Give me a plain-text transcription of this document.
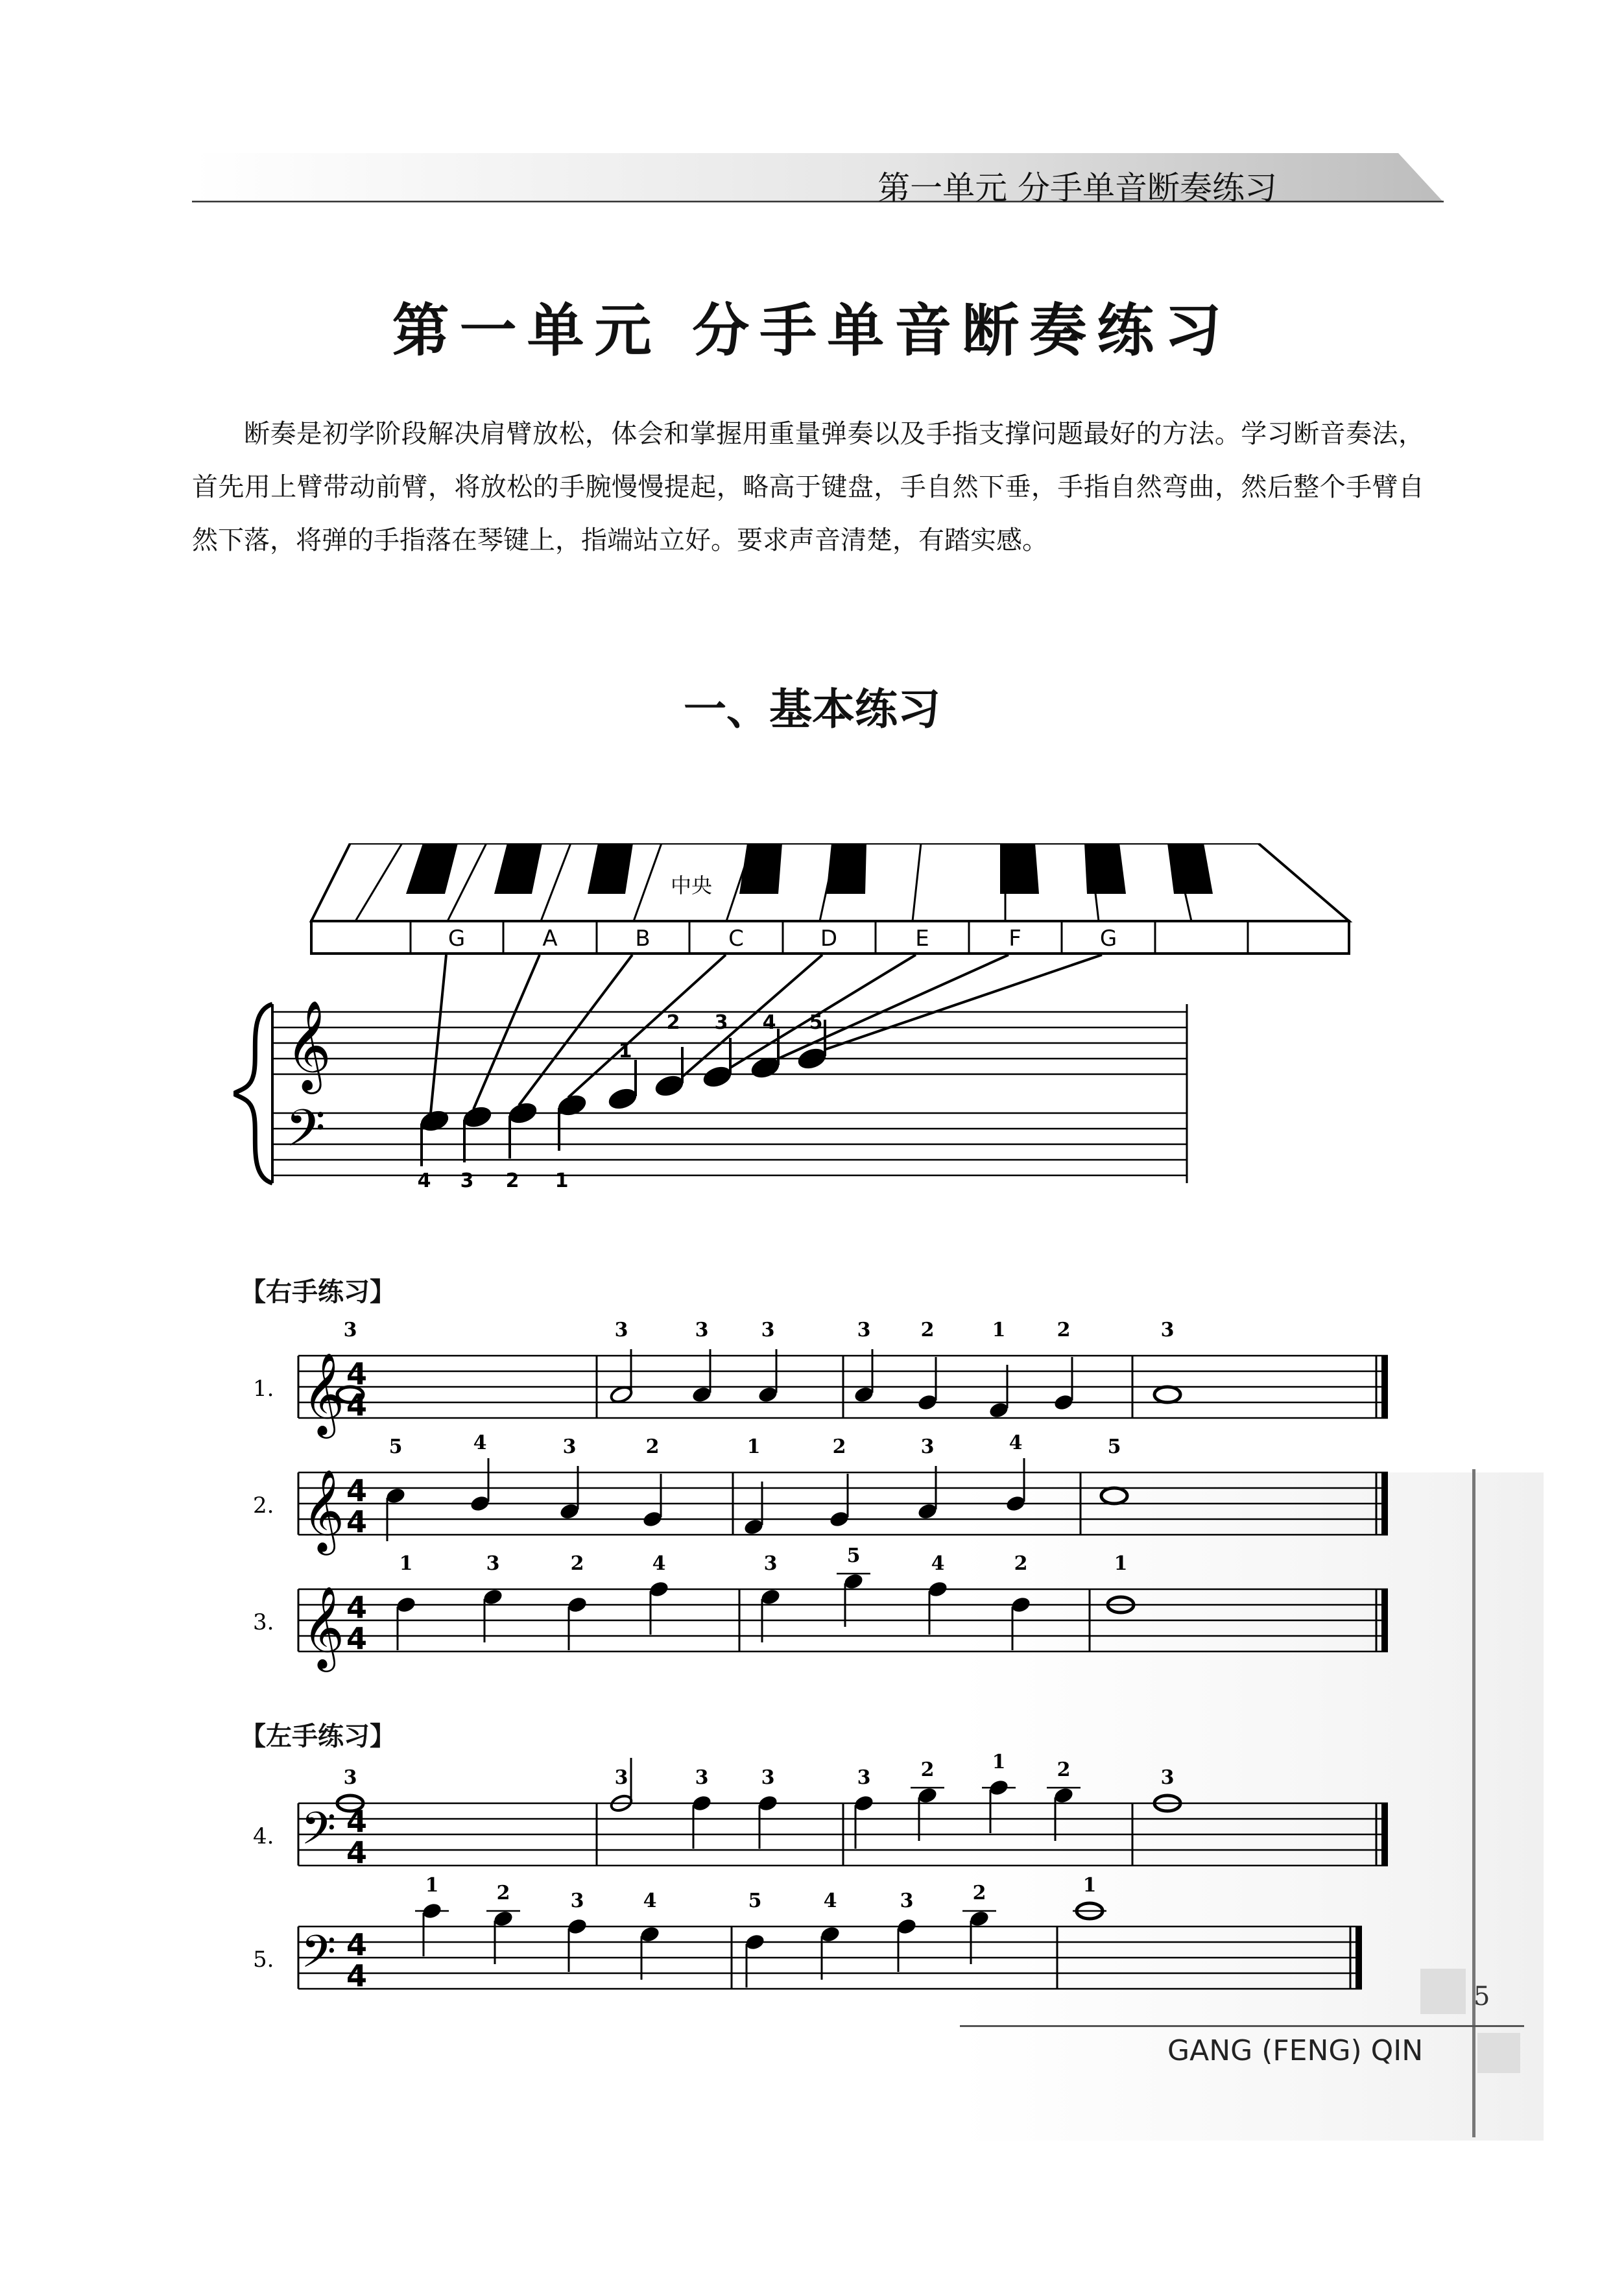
第一单元 分手单音断奏练习
第一单元 分手单音断奏练习
断奏是初学阶段解决肩臂放松，体会和掌握用重量弹奏以及手指支撑问题最好的方法。学习断音奏法，首先用上臂带动前臂，将放松的手腕慢慢提起，略高于键盘，手自然下垂，手指自然弯曲，然后整个手臂自然下落，将弹的手指落在琴键上，指端站立好。要求声音清楚，有踏实感。
一、基本练习
中央
G	A	B	C	D	E	F	G
𝄞
𝄢
1
2 3 4 5
4 3 2 1
【右手练习】
【左手练习】
1. 𝄞 4
4
3	3	3	3	3	2	1	2	3
2. 𝄞 4
4
5	4	3	2	1	2	3	4	5
3. 𝄞 4
4
1	3	2	4	3	5	4	2	1
4. 𝄢 4
4
3	3	3	3	3	2	1	2	3
5. 𝄢 4
4
1	2	3	4	5	4	3	2	1
5
GANG (FENG) QIN
